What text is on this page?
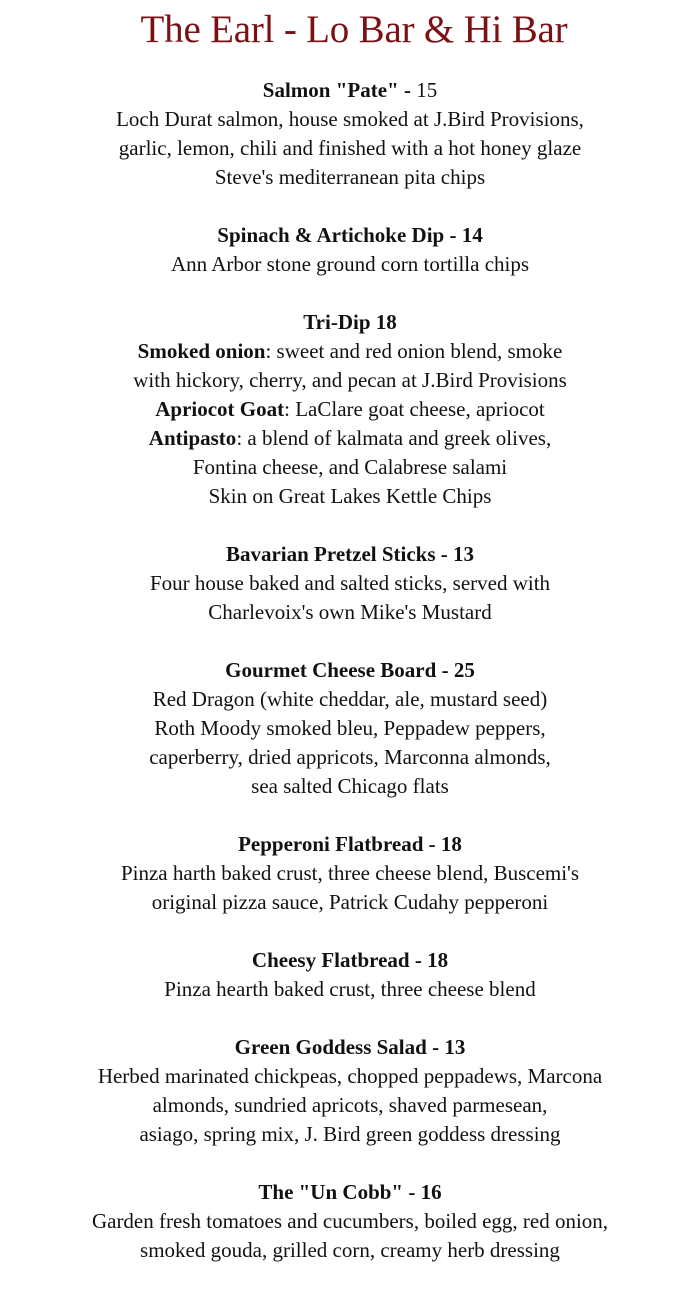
The Earl - Lo Bar & Hi Bar

Salmon "Pate" - 15

Loch Durat salmon, house smoked at J.Bird Provisions,

garlic, lemon, chili and finished with a hot honey glaze

Steve's mediterranean pita chips

Spinach & Artichoke Dip - 14

Ann Arbor stone ground corn tortilla chips

Tri-Dip 18

Smoked onion: sweet and red onion blend, smoke

with hickory, cherry, and pecan at J.Bird Provisions

Apriocot Goat: LaClare goat cheese, apriocot

Antipasto: a blend of kalmata and greek olives,

Fontina cheese, and Calabrese salami

Skin on Great Lakes Kettle Chips

Bavarian Pretzel Sticks - 13

Four house baked and salted sticks, served with

Charlevoix's own Mike's Mustard

Gourmet Cheese Board - 25

Red Dragon (white cheddar, ale, mustard seed)

Roth Moody smoked bleu, Peppadew peppers,

caperberry, dried appricots, Marconna almonds,

sea salted Chicago flats

Pepperoni Flatbread - 18

Pinza harth baked crust, three cheese blend, Buscemi's

original pizza sauce, Patrick Cudahy pepperoni

Cheesy Flatbread - 18

Pinza hearth baked crust, three cheese blend

Green Goddess Salad - 13

Herbed marinated chickpeas, chopped peppadews, Marcona

almonds, sundried apricots, shaved parmesean,

asiago, spring mix, J. Bird green goddess dressing

The "Un Cobb" - 16

Garden fresh tomatoes and cucumbers, boiled egg, red onion,

smoked gouda, grilled corn, creamy herb dressing
